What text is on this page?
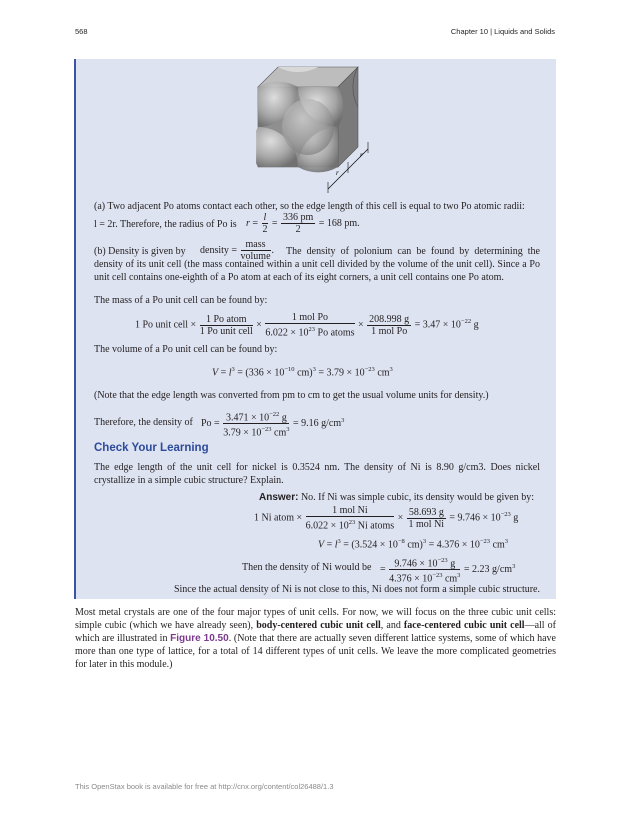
568	Chapter 10 | Liquids and Solids
r
r
(a) Two adjacent Po atoms contact each other, so the edge length of this cell is equal to two Po atomic radii:
l = 2r. Therefore, the radius of Po is $r = \frac{l}{2} = \frac{336 pm}{2} = 168$ pm.
(b) Density is given by	density = $\frac{\text{mass}}{\text{volume}}$ .	The density of polonium can be found by determining the density of its unit cell (the mass contained within a unit cell divided by the volume of the unit cell). Since a Po unit cell contains one-eighth of a Po atom at each of its eight corners, a unit cell contains one Po atom.
The mass of a Po unit cell can be found by:
1 Po unit cell × $\frac{\text{1 Po atom}}{\text{1 Po unit cell}} \times \frac{\text{1 mol Po}}{6.022 \times 10^{23} Po atoms} \times \frac{208.998 g}{\text{1 mol Po}} = 3.47 \times 10^{-22}$ g
The volume of a Po unit cell can be found by:
$V = l^3 = (336 \times 10^{-10}$ $cm)^3 = 3.79 \times 10^{-23}$ $cm^3$
(Note that the edge length was converted from pm to cm to get the usual volume units for density.)
Therefore, the density of $Po = \frac{3.471 \times 10^{-22} g}{3.79 \times 10^{-23} cm^3} = 9.16$ $g/cm^3$
Check Your Learning
The edge length of the unit cell for nickel is 0.3524 nm. The density of Ni is 8.90 g/cm3. Does nickel crystallize in a simple cubic structure? Explain.
Answer: No. If Ni was simple cubic, its density would be given by:
1 Ni atom × $\frac{\text{1 mol Ni}}{6.022 \times 10^{23} Ni atoms} \times \frac{58.693 g}{\text{1 mol Ni}} = 9.746 \times 10^{-23}$ g
$V = l^3 = (3.524 \times 10^{-8}$ $cm)^3 = 4.376 \times 10^{-23}$ $cm^3$
Then the density of Ni would be = $\frac{9.746 \times 10^{-23} g}{4.376 \times 10^{-23} cm^3} = 2.23$ $g/cm^3$
Since the actual density of Ni is not close to this, Ni does not form a simple cubic structure.
Most metal crystals are one of the four major types of unit cells. For now, we will focus on the three cubic unit cells: simple cubic (which we have already seen), body-centered cubic unit cell, and face-centered cubic unit cell—all of which are illustrated in Figure 10.50. (Note that there are actually seven different lattice systems, some of which have more than one type of lattice, for a total of 14 different types of unit cells. We leave the more complicated geometries for later in this module.)
This OpenStax book is available for free at http://cnx.org/content/col26488/1.3
